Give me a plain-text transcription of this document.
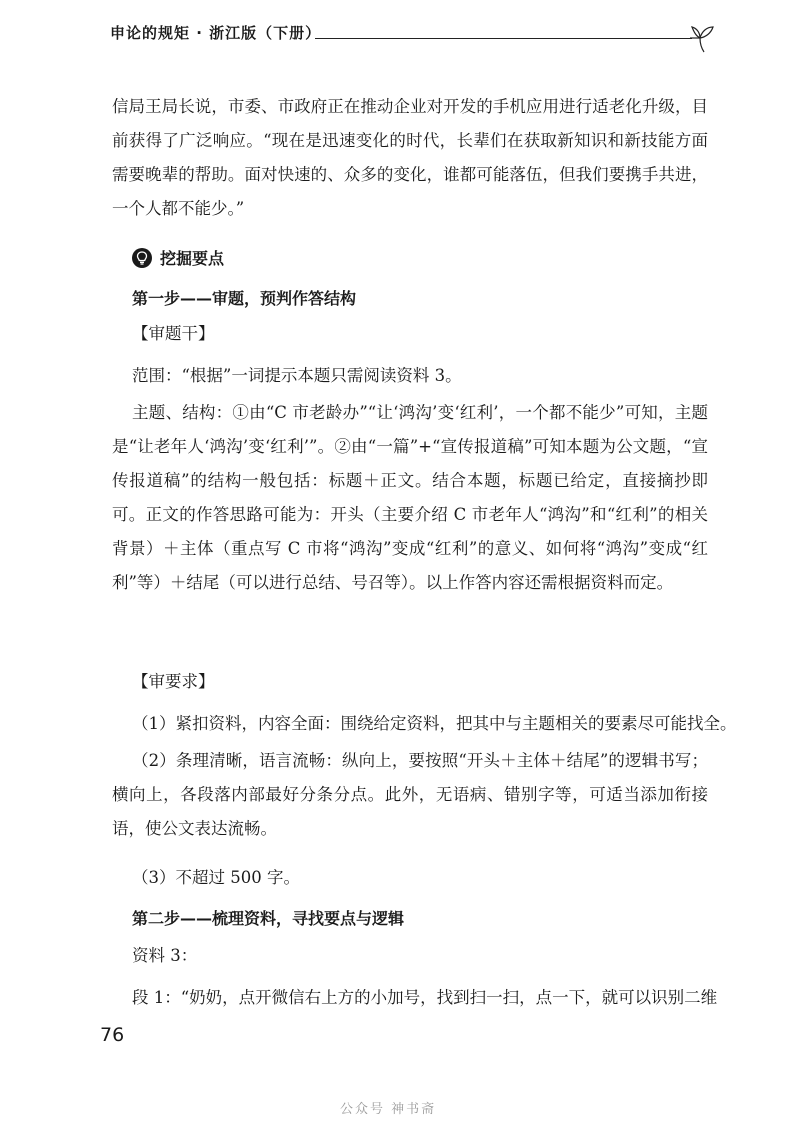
申论的规矩 · 浙江版（下册）

信局王局长说，市委、市政府正在推动企业对开发的手机应用进行适老化升级，目前获得了广泛响应。“现在是迅速变化的时代，长辈们在获取新知识和新技能方面需要晚辈的帮助。面对快速的、众多的变化，谁都可能落伍，但我们要携手共进，一个人都不能少。”

挖掘要点
第一步——审题，预判作答结构
【审题干】
范围：“根据”一词提示本题只需阅读资料 3。

主题、结构：①由“C 市老龄办”“让‘鸿沟’变‘红利’，一个都不能少”可知，主题是“让老年人‘鸿沟’变‘红利’”。②由“一篇”+“宣传报道稿”可知本题为公文题，“宣传报道稿”的结构一般包括：标题＋正文。结合本题，标题已给定，直接摘抄即可。正文的作答思路可能为：开头（主要介绍 C 市老年人“鸿沟”和“红利”的相关背景）＋主体（重点写 C 市将“鸿沟”变成“红利”的意义、如何将“鸿沟”变成“红利”等）＋结尾（可以进行总结、号召等）。以上作答内容还需根据资料而定。

【审要求】
（1）紧扣资料，内容全面：围绕给定资料，把其中与主题相关的要素尽可能找全。

（2）条理清晰，语言流畅：纵向上，要按照“开头＋主体＋结尾”的逻辑书写；横向上，各段落内部最好分条分点。此外，无语病、错别字等，可适当添加衔接语，使公文表达流畅。

（3）不超过 500 字。
第二步——梳理资料，寻找要点与逻辑
资料 3：
段 1：“奶奶，点开微信右上方的小加号，找到扫一扫，点一下，就可以识别二维
76
公众号 神书斋
